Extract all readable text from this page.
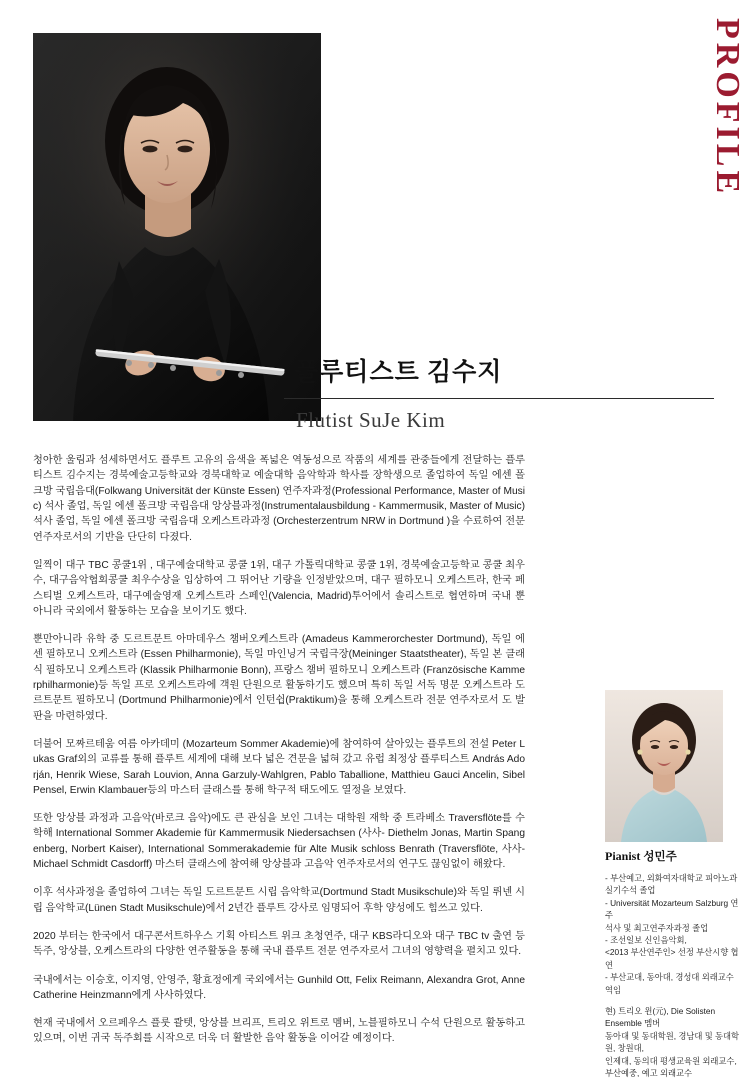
PROFILE
플루티스트 김수지
Flutist SuJe Kim

청아한 울림과 섬세하면서도 플루트 고유의 음색을 폭넓은 역동성으로 작품의 세계를 관중들에게 전달하는 플루티스트 김수지는 경북예술고등학교와 경북대학교 예술대학 음악학과 학사를 장학생으로 졸업하여 독일 에센 폴크방 국립음대(Folkwang Universität der Künste Essen) 연주자과정(Professional Performance, Master of Music) 석사 졸업, 독일 에센 폴크방 국립음대 앙상블과정(Instrumentalausbildung - Kammermusik, Master of Music) 석사 졸업, 독일 에센 폴크방 국립음대 오케스트라과정 (Orchesterzentrum NRW in Dortmund )을 수료하여 전문 연주자로서의 기반을 단단히 다졌다.

일찍이 대구 TBC 콩쿨1위 , 대구예술대학교 콩쿨 1위, 대구 가톨릭대학교 콩쿨 1위, 경북예술고등학교 콩쿨 최우수, 대구음악협회콩쿨 최우수상을 입상하여 그 뛰어난 기량을 인정받았으며, 대구 필하모니 오케스트라, 한국 페스티벌 오케스트라, 대구예술영재 오케스트라 스페인(Valencia, Madrid)투어에서 솔리스트로 협연하며 국내 뿐 아니라 국외에서 활동하는 모습을 보이기도 했다.

뿐만아니라 유학 중 도르트문트 아마데우스 챔버오케스트라 (Amadeus Kammerorchester Dortmund), 독일 에센 필하모니 오케스트라 (Essen Philharmonie), 독일 마인닝거 국립극장(Meininger Staatstheater), 독일 본 클래식 필하모니 오케스트라 (Klassik Philharmonie Bonn), 프랑스 챔버 필하모니 오케스트라 (Französische Kammerphilharmonie)등 독일 프로 오케스트라에 객원 단원으로 활동하기도 했으며 특히 독일 서독 명문 오케스트라 도르트문트 필하모니 (Dortmund Philharmonie)에서 인턴쉽(Praktikum)을 통해 오케스트라 전문 연주자로서 도 발판을 마련하였다.

더불어 모짜르테움 여름 아카데미 (Mozarteum Sommer Akademie)에 참여하여 살아있는 플루트의 전설 Peter Lukas Graf외의 교류를 통해 플루트 세계에 대해 보다 넓은 견문을 넓혀 갔고 유럽 최정상 플루티스트 András Adorján, Henrik Wiese, Sarah Louvion, Anna Garzuly-Wahlgren, Pablo Taballione, Matthieu Gauci Ancelin, Sibel Pensel, Erwin Klambauer등의 마스터 클래스를 통해 학구적 태도에도 열정을 보였다.

또한 앙상블 과정과 고음악(바로크 음악)에도 큰 관심을 보인 그녀는 대학원 재학 중 트라베소 Traversflöte를 수학해 International Sommer Akademie für Kammermusik Niedersachsen (사사- Diethelm Jonas, Martin Spangenberg, Norbert Kaiser), International Sommerakademie für Alte Musik schloss Benrath (Traversflöte, 사사- Michael Schmidt Casdorff) 마스터 클래스에 참여해 앙상블과 고음악 연주자로서의 연구도 끊임없이 해왔다.

이후 석사과정을 졸업하여 그녀는 독일 도르트문트 시립 음악학교(Dortmund Stadt Musikschule)와 독일 뤼넨 시립 음악학교(Lünen Stadt Musikschule)에서 2년간 플루트 강사로 임명되어 후학 양성에도 힘쓰고 있다.

2020 부터는 한국에서 대구콘서트하우스 기획 아티스트 위크 초청연주, 대구 KBS라디오와 대구 TBC tv 출연 등 독주, 앙상블, 오케스트라의 다양한 연주활동을 통해 국내 플루트 전문 연주자로서 그녀의 영향력을 펼치고 있다.

국내에서는 이승호, 이지영, 안영주, 황효정에게 국외에서는 Gunhild Ott, Felix Reimann, Alexandra Grot, Anne Catherine Heinzmann에게 사사하였다.

현재 국내에서 오르페우스 플룻 콸텟, 앙상블 브리프, 트리오 위트로 멤버, 노블필하모니 수석 단원으로 활동하고 있으며, 이번 귀국 독주회를 시작으로 더욱 더 활발한 음악 활동을 이어갈 예정이다.

Pianist 성민주
- 부산예고, 외화여자대학교 피아노과 실기수석 졸업
- Universität Mozarteum Salzburg 연주
석사 및 최고연주자과정 졸업
- 조선일보 신인음악회,
<2013 부산연주인> 선정 부산시향 협연
- 부산교대, 동아대, 경성대 외래교수 역임
현) 트리오 윈(元), Die Solisten Ensemble 멤버
동아대 및 동대학원, 경남대 및 동대학원, 창원대,
인제대, 동의대 평생교육원 외래교수,
부산예중, 예고 외래교수
